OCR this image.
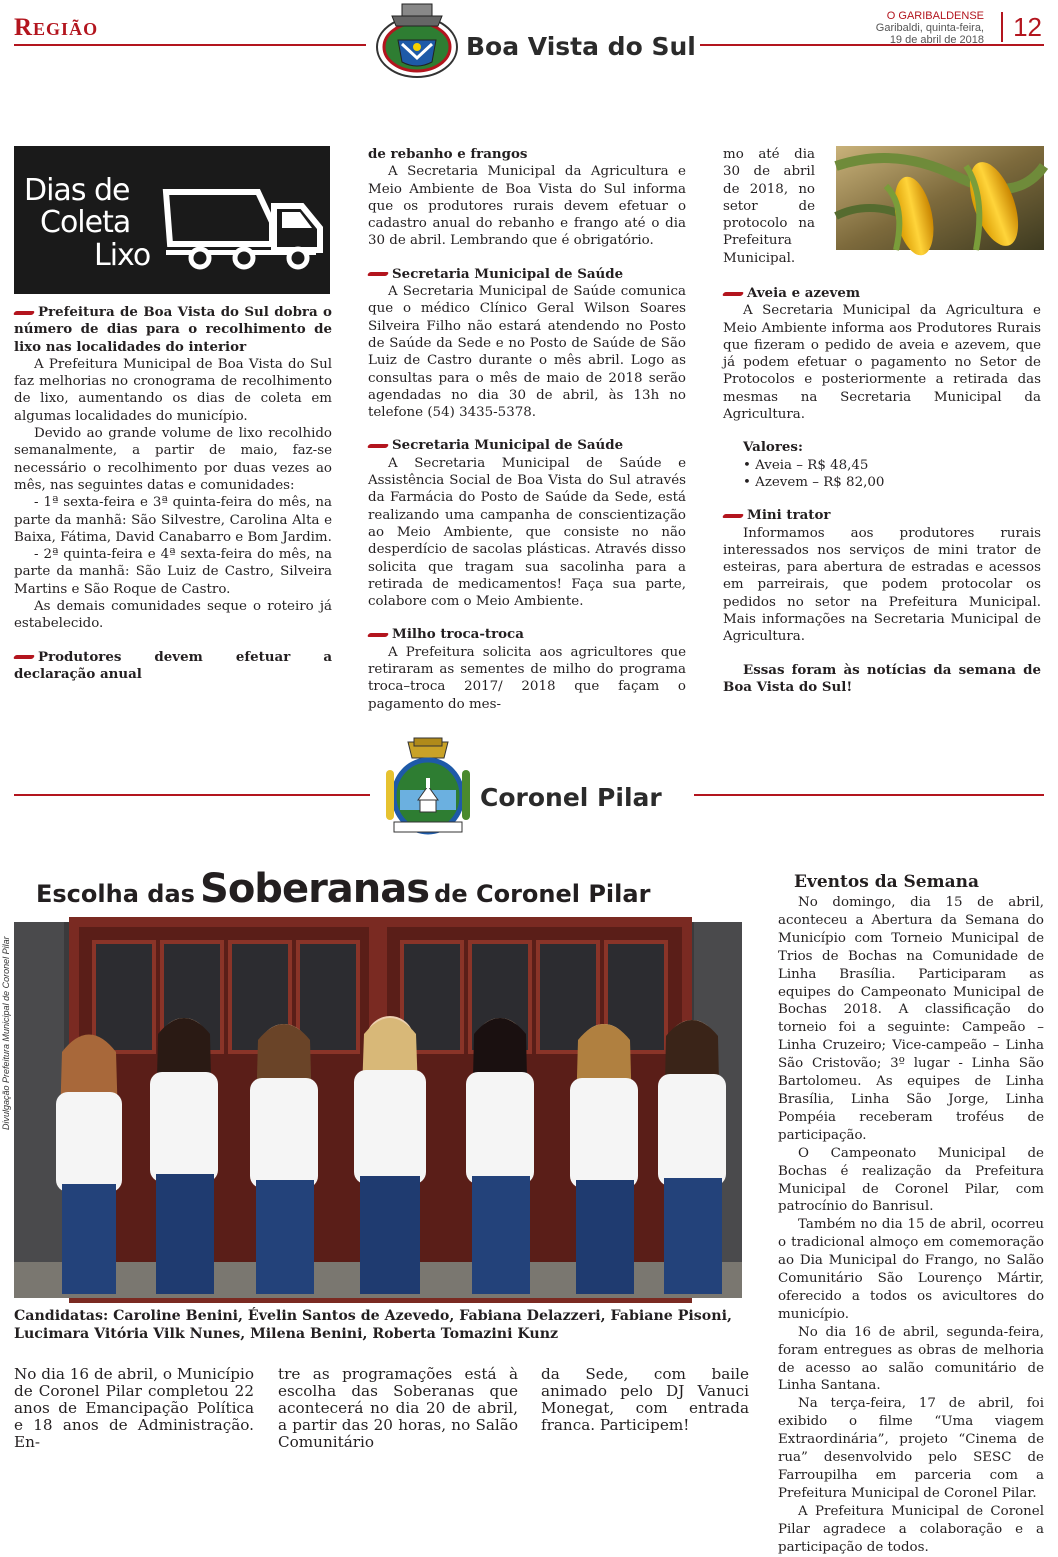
Região
Boa Vista do Sul
O GARIBALDENSE
Garibaldi, quinta-feira,
19 de abril de 2018	12
Dias de
Coleta
Lixo

Prefeitura de Boa Vista do Sul dobra o número de dias para o recolhimento de lixo nas localidades do interior

A Prefeitura Municipal de Boa Vista do Sul faz melhorias no cronograma de recolhimento de lixo, aumentando os dias de coleta em algumas localidades do município.

Devido ao grande volume de lixo recolhido semanalmente, a partir de maio, faz-se necessário o recolhimento por duas vezes ao mês, nas seguintes datas e comunidades:

- 1ª sexta-feira e 3ª quinta-feira do mês, na parte da manhã: São Silvestre, Carolina Alta e Baixa, Fátima, David Canabarro e Bom Jardim.

- 2ª quinta-feira e 4ª sexta-feira do mês, na parte da manhã: São Luiz de Castro, Silveira Martins e São Roque de Castro.

As demais comunidades seque o roteiro já estabelecido.

Produtores devem efetuar a declaração anual

de rebanho e frangos

A Secretaria Municipal da Agricultura e Meio Ambiente de Boa Vista do Sul informa que os produtores rurais devem efetuar o cadastro anual do rebanho e frango até o dia 30 de abril. Lembrando que é obrigatório.

Secretaria Municipal de Saúde

A Secretaria Municipal de Saúde comunica que o médico Clínico Geral Wilson Soares Silveira Filho não estará atendendo no Posto de Saúde da Sede e no Posto de Saúde de São Luiz de Castro durante o mês abril. Logo as consultas para o mês de maio de 2018 serão agendadas no dia 30 de abril, às 13h no telefone (54) 3435-5378.

Secretaria Municipal de Saúde

A Secretaria Municipal de Saúde e Assistência Social de Boa Vista do Sul através da Farmácia do Posto de Saúde da Sede, está realizando uma campanha de conscientização ao Meio Ambiente, que consiste no não desperdício de sacolas plásticas. Através disso solicita que tragam sua sacolinha para a retirada de medicamentos! Faça sua parte, colabore com o Meio Ambiente.

Milho troca-troca

A Prefeitura solicita aos agricultores que retiraram as sementes de milho do programa troca–troca 2017/ 2018 que façam o pagamento do mes-

mo até dia 30 de abril de 2018, no setor de protocolo na Prefeitura Municipal.

Aveia e azevem

A Secretaria Municipal da Agricultura e Meio Ambiente informa aos Produtores Rurais que fizeram o pedido de aveia e azevem, que já podem efetuar o pagamento no Setor de Protocolos e posteriormente a retirada das mesmas na Secretaria Municipal da Agricultura.

Valores:

• Aveia – R$ 48,45

• Azevem – R$ 82,00

Mini trator

Informamos aos produtores rurais interessados nos serviços de mini trator de esteiras, para abertura de estradas e acessos em parreirais, que podem protocolar os pedidos no setor na Prefeitura Municipal. Mais informações na Secretaria Municipal de Agricultura.

Essas foram às notícias da semana de Boa Vista do Sul!

Coronel Pilar
Escolha das Soberanas de Coronel Pilar
Divulgação Prefeitura Municipal de Coronel Pilar
Candidatas: Caroline Benini, Évelin Santos de Azevedo, Fabiana Delazzeri, Fabiane Pisoni, Lucimara Vitória Vilk Nunes, Milena Benini, Roberta Tomazini Kunz
No dia 16 de abril, o Município de Coronel Pilar completou 22 anos de Emancipação Política e 18 anos de Administração. En-
tre as programações está à escolha das Soberanas que acontecerá no dia 20 de abril, a partir das 20 horas, no Salão Comunitário
da Sede, com baile animado pelo DJ Vanuci Monegat, com entrada franca. Participem!
Eventos da Semana

No domingo, dia 15 de abril, aconteceu a Abertura da Semana do Município com Torneio Municipal de Trios de Bochas na Comunidade de Linha Brasília. Participaram as equipes do Campeonato Municipal de Bochas 2018. A classificação do torneio foi a seguinte: Campeão – Linha Cruzeiro; Vice-campeão – Linha São Cristovão; 3º lugar - Linha São Bartolomeu. As equipes de Linha Brasília, Linha São Jorge, Linha Pompéia receberam troféus de participação.

O Campeonato Municipal de Bochas é realização da Prefeitura Municipal de Coronel Pilar, com patrocínio do Banrisul.

Também no dia 15 de abril, ocorreu o tradicional almoço em comemoração ao Dia Municipal do Frango, no Salão Comunitário São Lourenço Mártir, oferecido a todos os avicultores do município.

No dia 16 de abril, segunda-feira, foram entregues as obras de melhoria de acesso ao salão comunitário de Linha Santana.

Na terça-feira, 17 de abril, foi exibido o filme “Uma viagem Extraordinária”, projeto “Cinema de rua” desenvolvido pelo SESC de Farroupilha em parceria com a Prefeitura Municipal de Coronel Pilar.

A Prefeitura Municipal de Coronel Pilar agradece a colaboração e a participação de todos.
